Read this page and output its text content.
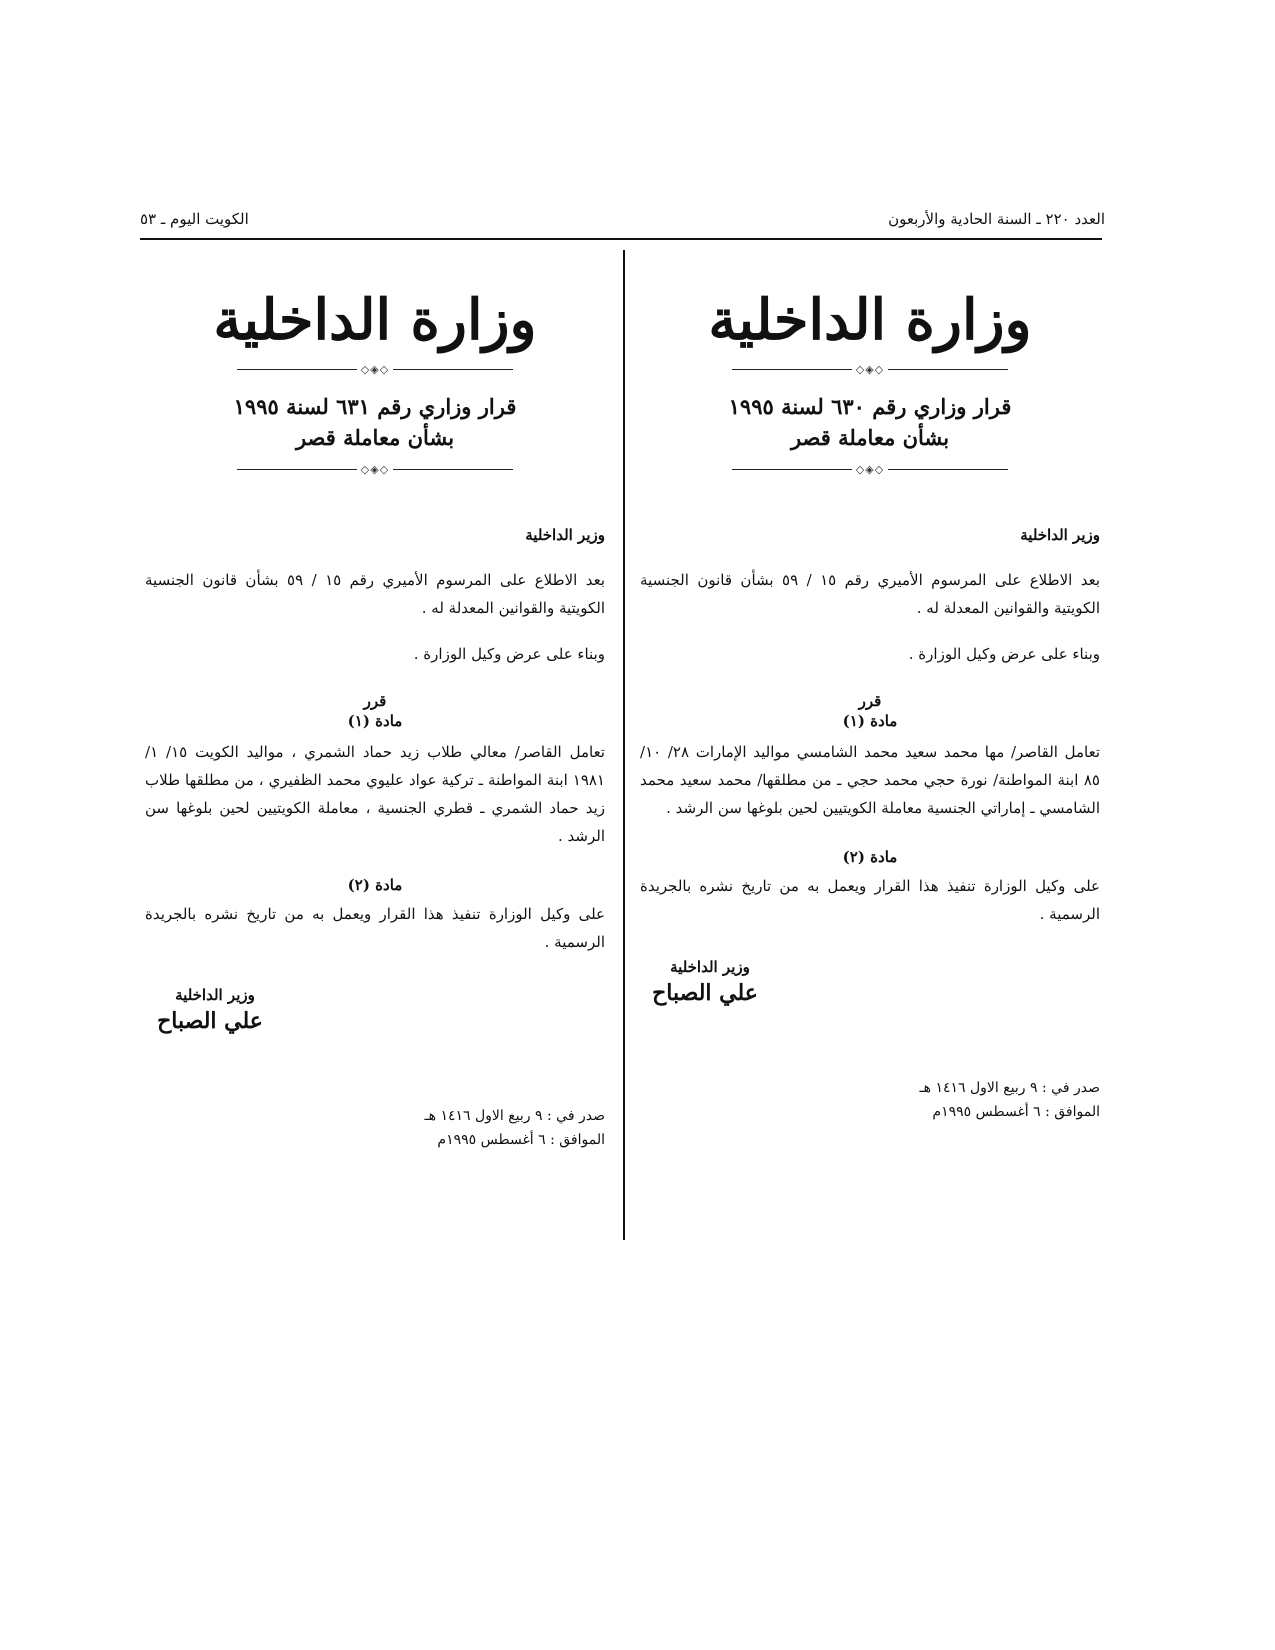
العدد ٢٢٠ ـ السنة الحادية والأربعون
الكويت اليوم ـ ٥٣
وزارة الداخلية
◇◈◇
قرار وزاري رقم ٦٣٠ لسنة ١٩٩٥
بشأن معاملة قصر
◇◈◇
وزير الداخلية
بعد الاطلاع على المرسوم الأميري رقم ١٥ / ٥٩ بشأن قانون الجنسية الكويتية والقوانين المعدلة له .
وبناء على عرض وكيل الوزارة .
قرر
مادة (١)
تعامل القاصر/ مها محمد سعيد محمد الشامسي مواليد الإمارات ٢٨/ ١٠/ ٨٥ ابنة المواطنة/ نورة حجي محمد حجي ـ من مطلقها/ محمد سعيد محمد الشامسي ـ إماراتي الجنسية معاملة الكويتيين لحين بلوغها سن الرشد .
مادة (٢)
على وكيل الوزارة تنفيذ هذا القرار ويعمل به من تاريخ نشره بالجريدة الرسمية .
وزير الداخلية
علي الصباح
صدر في : ٩ ربيع الاول ١٤١٦ هـ
الموافق : ٦ أغسطس ١٩٩٥م
وزارة الداخلية
◇◈◇
قرار وزاري رقم ٦٣١ لسنة ١٩٩٥
بشأن معاملة قصر
◇◈◇
وزير الداخلية
بعد الاطلاع على المرسوم الأميري رقم ١٥ / ٥٩ بشأن قانون الجنسية الكويتية والقوانين المعدلة له .
وبناء على عرض وكيل الوزارة .
قرر
مادة (١)
تعامل القاصر/ معالي طلاب زيد حماد الشمري ، مواليد الكويت ١٥/ ١/ ١٩٨١ ابنة المواطنة ـ تركية عواد عليوي محمد الظفيري ، من مطلقها طلاب زيد حماد الشمري ـ قطري الجنسية ، معاملة الكويتيين لحين بلوغها سن الرشد .
مادة (٢)
على وكيل الوزارة تنفيذ هذا القرار ويعمل به من تاريخ نشره بالجريدة الرسمية .
وزير الداخلية
علي الصباح
صدر في : ٩ ربيع الاول ١٤١٦ هـ
الموافق : ٦ أغسطس ١٩٩٥م
